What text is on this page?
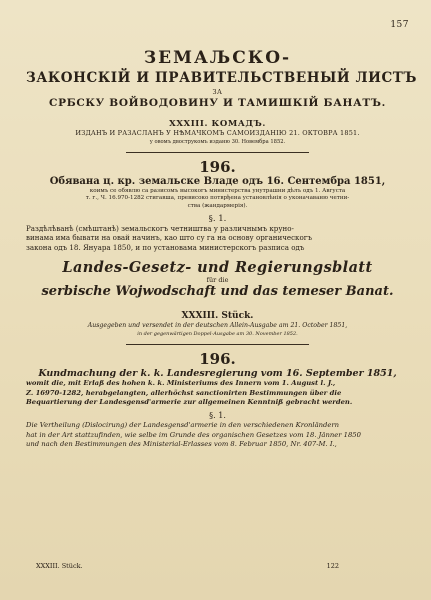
157
ЗЕМАЉСКО-
ЗАКОНСКІЙ И ПРАВИТЕЛЬСТВЕНЫЙ ЛИСТЪ
ЗА
СРБСКУ ВОЙВОДОВИНУ И ТАМИШКІЙ БАНАТЪ.
XXXIII. КОМАДЪ.
ИЗДАНЪ И РАЗАСЛАНЪ У НѢМАЧКОМЪ САМОИЗДАНІЮ 21. ОКТОВРА 1851.
у овомъ двострукомъ изданю 30. Новембра 1852.
196.
Обявана ц. кр. земальске Владе одъ 16. Сентембра 1851,
коимъ се обявлю са разисомъ высокогъ министерства унутрашни дѣлъ одъ 1. Августа
т. г., Ч. 16.970-1282 стигавша, превисоко потврђена установлѣнія о уконачаваню четни-
ства (жандармерія).
§. 1.
Раздѣлѣванѣ (смѣштанѣ) земальскогъ четништва у различнымъ круно-
винама има бывати на овай начинъ, као што су га на основу органическогъ
закона одъ 18. Януара 1850, и по установама министерскогъ разписа одъ
Landes-Gesetz- und Regierungsblatt
für die
serbische Wojwodschaft und das temeser Banat.
XXXIII. Stück.
Ausgegeben und versendet in der deutschen Allein-Ausgabe am 21. October 1851,
in der gegenwärtigen Doppel-Ausgabe am 30. November 1852.
196.
Kundmachung der k. k. Landesregierung vom 16. September 1851,
womit die, mit Erlaß des hohen k. k. Ministeriums des Innern vom 1. August l. J.,
Z. 16970-1282, herabgelangten, allerhöchst sanctionirten Bestimmungen über die
Bequartierung der Landesgensd'armerie zur allgemeinen Kenntniß gebracht werden.
§. 1.
Die Vertheilung (Dislocirung) der Landesgensd'armerie in den verschiedenen Kronländern
hat in der Art stattzufinden, wie selbe im Grunde des organischen Gesetzes vom 18. Jänner 1850
und nach den Bestimmungen des Ministerial-Erlasses vom 8. Februar 1850, Nr. 407-M. I.,
XXXIII. Stück.	122
